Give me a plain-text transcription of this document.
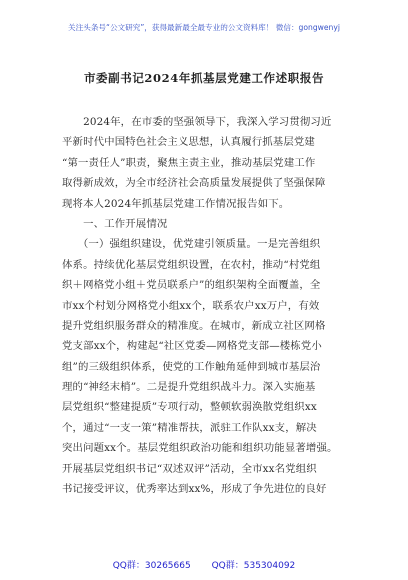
关注头条号“公文研究”，获得最新最全最专业的公文资料库！ 微信：gongwenyj
市委副书记2024年抓基层党建工作述职报告
　　2024年，在市委的坚强领导下，我深入学习贯彻习近
平新时代中国特色社会主义思想，认真履行抓基层党建
“第一责任人”职责，聚焦主责主业，推动基层党建工作
取得新成效，为全市经济社会高质量发展提供了坚强保障
现将本人2024年抓基层党建工作情况报告如下。
　　一、工作开展情况
　　（一）强组织建设，优党建引领质量。一是完善组织
体系。持续优化基层党组织设置，在农村，推动“村党组
织＋网格党小组＋党员联系户”的组织架构全面覆盖，全
市xx个村划分网格党小组xx个，联系农户xx万户，有效
提升党组织服务群众的精准度。在城市，新成立社区网格
党支部xx个，构建起“社区党委—网格党支部—楼栋党小
组”的三级组织体系，使党的工作触角延伸到城市基层治
理的“神经末梢”。二是提升党组织战斗力。深入实施基
层党组织“整建提质”专项行动，整顿软弱涣散党组织xx
个，通过“一支一策”精准帮扶，派驻工作队xx支，解决
突出问题xx个。基层党组织政治功能和组织功能显著增强。
开展基层党组织书记“双述双评”活动，全市xx名党组织
书记接受评议，优秀率达到xx%，形成了争先进位的良好
QQ群：30265665 QQ群：535304092
